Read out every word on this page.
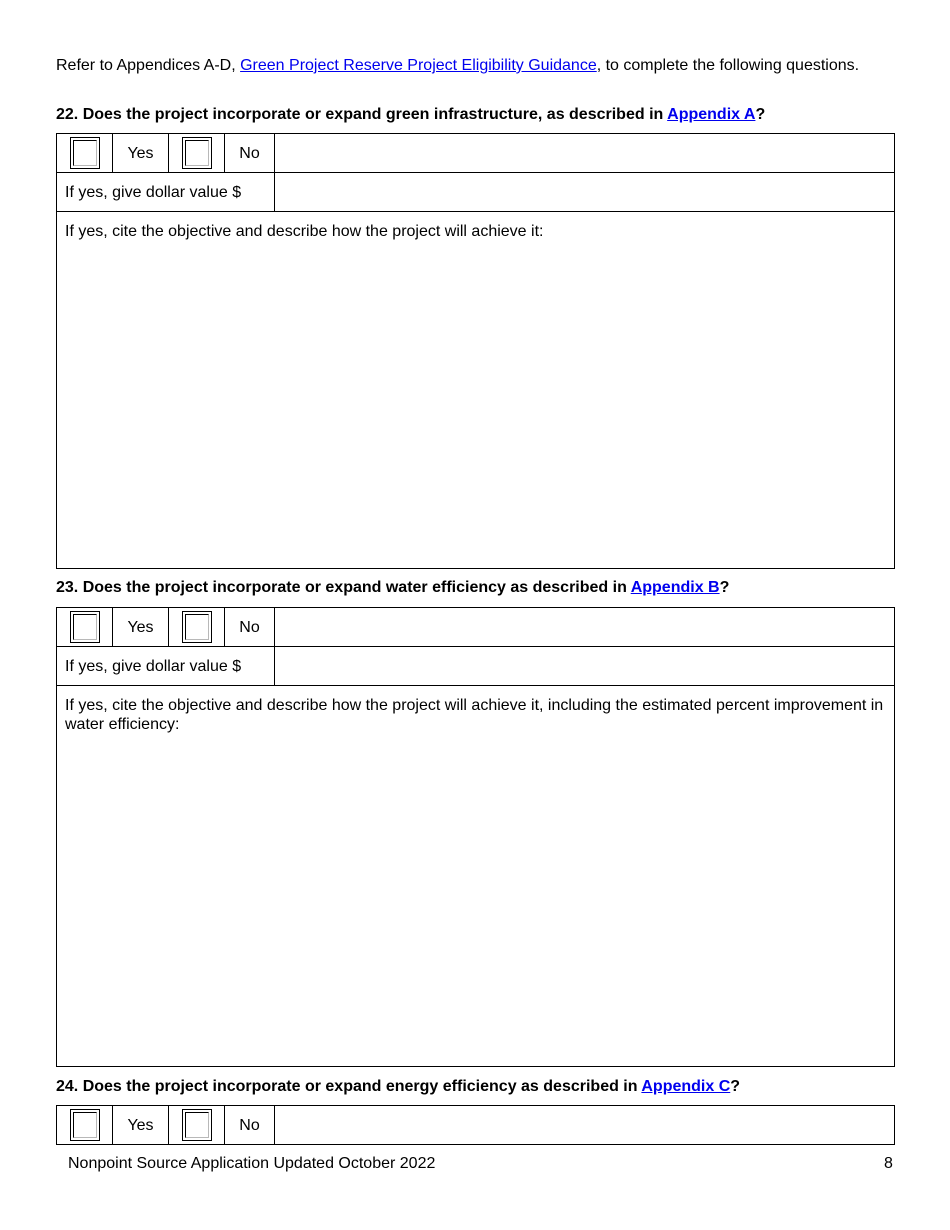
Refer to Appendices A-D, Green Project Reserve Project Eligibility Guidance, to complete the following questions.
22. Does the project incorporate or expand green infrastructure, as described in Appendix A?
	Yes		No	
If yes, give dollar value $				
If yes, cite the objective and describe how the project will achieve it:				
23. Does the project incorporate or expand water efficiency as described in Appendix B?
	Yes		No	
If yes, give dollar value $				
If yes, cite the objective and describe how the project will achieve it, including the estimated percent improvement in water efficiency:				
24. Does the project incorporate or expand energy efficiency as described in Appendix C?
	Yes		No	
Nonpoint Source Application Updated October 2022	8
